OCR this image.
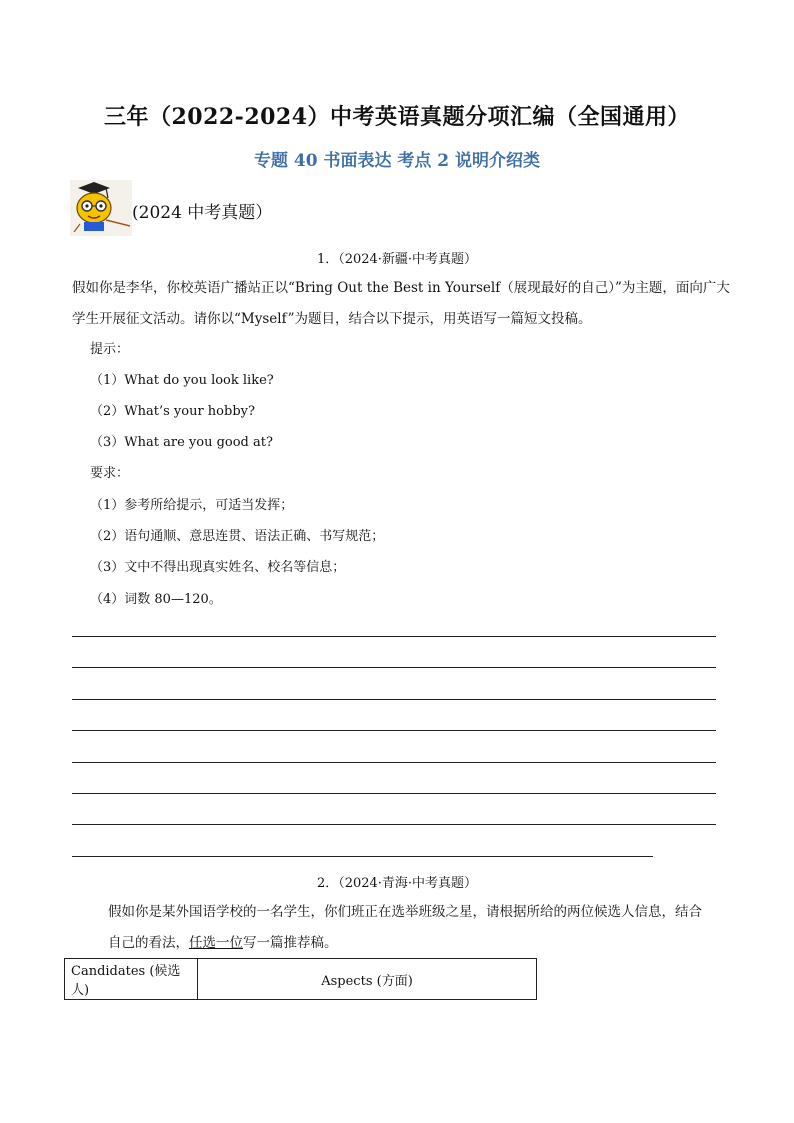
三年（2022-2024）中考英语真题分项汇编（全国通用）
专题 40 书面表达 考点 2 说明介绍类
(2024 中考真题）
1．（2024·新疆·中考真题）
假如你是李华，你校英语广播站正以“Bring Out the Best in Yourself（展现最好的自己）”为主题，面向广大
学生开展征文活动。请你以“Myself”为题目，结合以下提示，用英语写一篇短文投稿。
提示：
（1）What do you look like?
（2）What’s your hobby?
（3）What are you good at?
要求：
（1）参考所给提示，可适当发挥；
（2）语句通顺、意思连贯、语法正确、书写规范；
（3）文中不得出现真实姓名、校名等信息；
（4）词数 80—120。
2．（2024·青海·中考真题）
假如你是某外国语学校的一名学生，你们班正在选举班级之星，请根据所给的两位候选人信息，结合
自己的看法，任选一位写一篇推荐稿。
Candidates (候选人)	Aspects (方面)
